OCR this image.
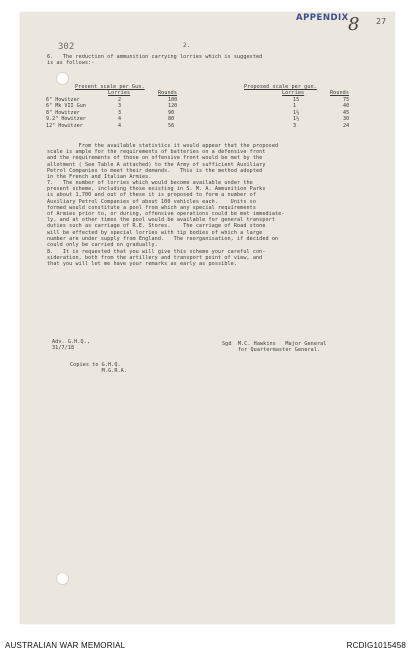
APPENDIX 8 27
302	2.
6.   The reduction of ammunition carrying lorries which is suggested
is as follows:-
Present scale per Gun.	Proposed scale per gun.
Lorries	Rounds	Lorries	Rounds
6" Howitzer	2	100	15	75
6" Mk VII Gun	3	120	1	40
8" Howitzer	3	90	1½	45
9.2" Howitzer	4	80	1½	30
12" Howitzer	4	56	3	24
From the available statistics it would appear that the proposed
scale is ample for the requirements of batteries on a defensive front
and the requirements of those on offensive front would be met by the
allotment ( See Table A attached) to the Army of sufficient Auxiliary
Petrol Companies to meet their demands.   This is the method adopted
in the French and Italian Armies.
7.   The number of lorries which would become available under the
present scheme, including those existing in S. M. A. Ammunition Parks
is about 1,700 and out of these it is proposed to form a number of
Auxiliary Petrol Companies of about 100 vehicles each.    Units so
formed would constitute a pool from which any special requirements
of Armies prior to, or during, offensive operations could be met immediate-
ly, and at other times the pool would be available for general transport
duties such as carriage of R.E. Stores.    The carriage of Road stone
will be effected by special lorries with tip bodies of which a large
number are under supply from England.   The reorganisation, if decided on
could only be carried on gradually.
8.   It is requested that you will give this scheme your careful con-
sideration, both from the artillery and transport point of view, and
that you will let me have your remarks as early as possible.
Adv. G.H.Q.,
31/7/18
Sgd  M.C. Hawkins   Major General
for Quartermaster General.
Copies to G.H.Q.
M.G.R.A.
AUSTRALIAN WAR MEMORIAL	RCDIG1015458
